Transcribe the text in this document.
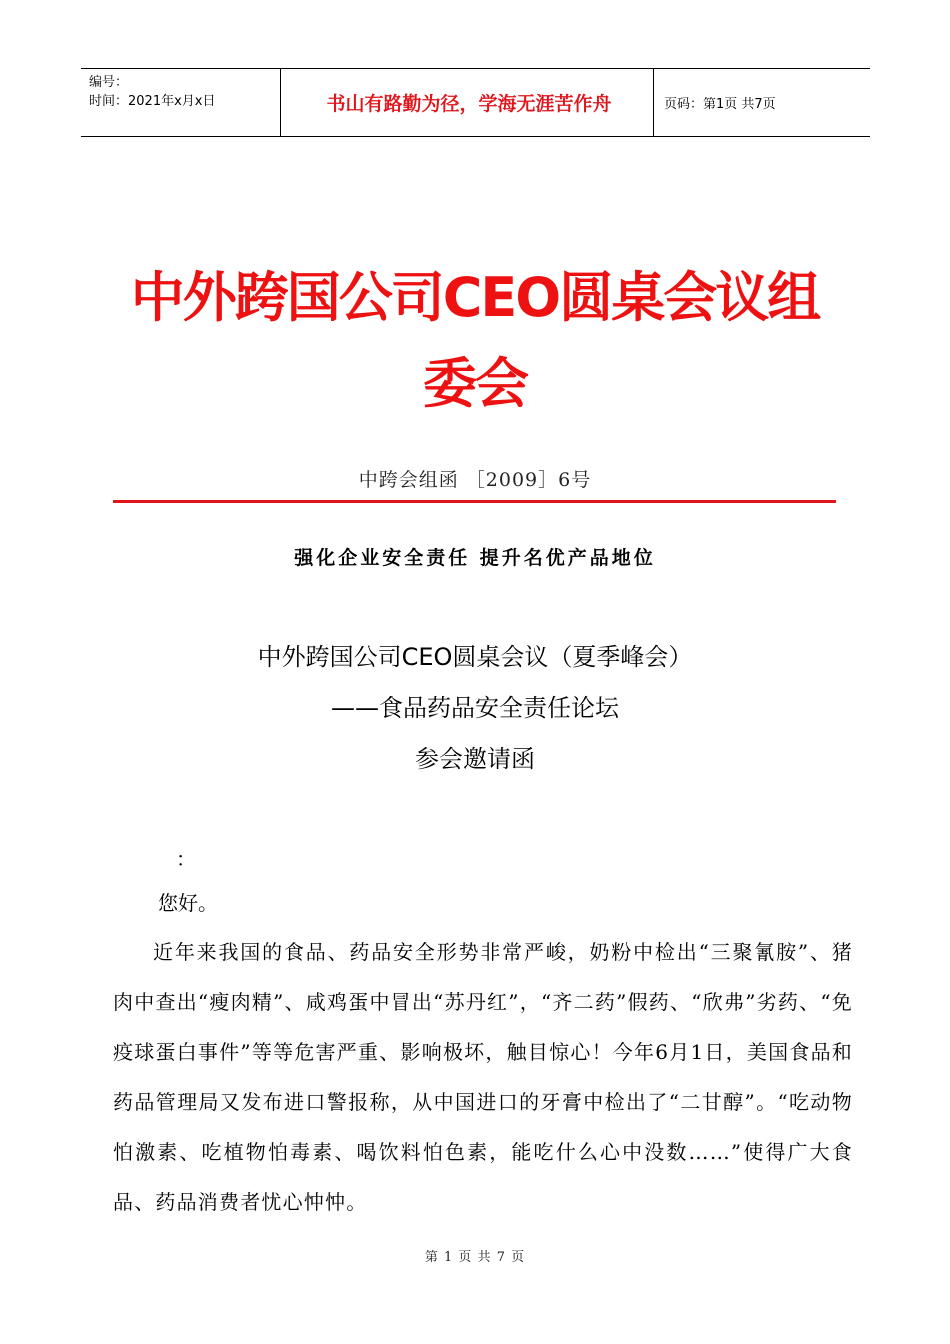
编号：
时间：2021年x月x日	书山有路勤为径，学海无涯苦作舟	页码：第1页 共7页
中外跨国公司CEO圆桌会议组
委会
中跨会组函 ［2009］6号
强化企业安全责任 提升名优产品地位
中外跨国公司CEO圆桌会议（夏季峰会）
——食品药品安全责任论坛
参会邀请函
：
您好。

近年来我国的食品、药品安全形势非常严峻，奶粉中检出“三聚氰胺”、猪肉中查出“瘦肉精”、咸鸡蛋中冒出“苏丹红”，“齐二药”假药、“欣弗”劣药、“免疫球蛋白事件”等等危害严重、影响极坏，触目惊心！今年6月1日，美国食品和药品管理局又发布进口警报称，从中国进口的牙膏中检出了“二甘醇”。“吃动物怕激素、吃植物怕毒素、喝饮料怕色素，能吃什么心中没数……”使得广大食品、药品消费者忧心忡忡。

第 1 页 共 7 页
